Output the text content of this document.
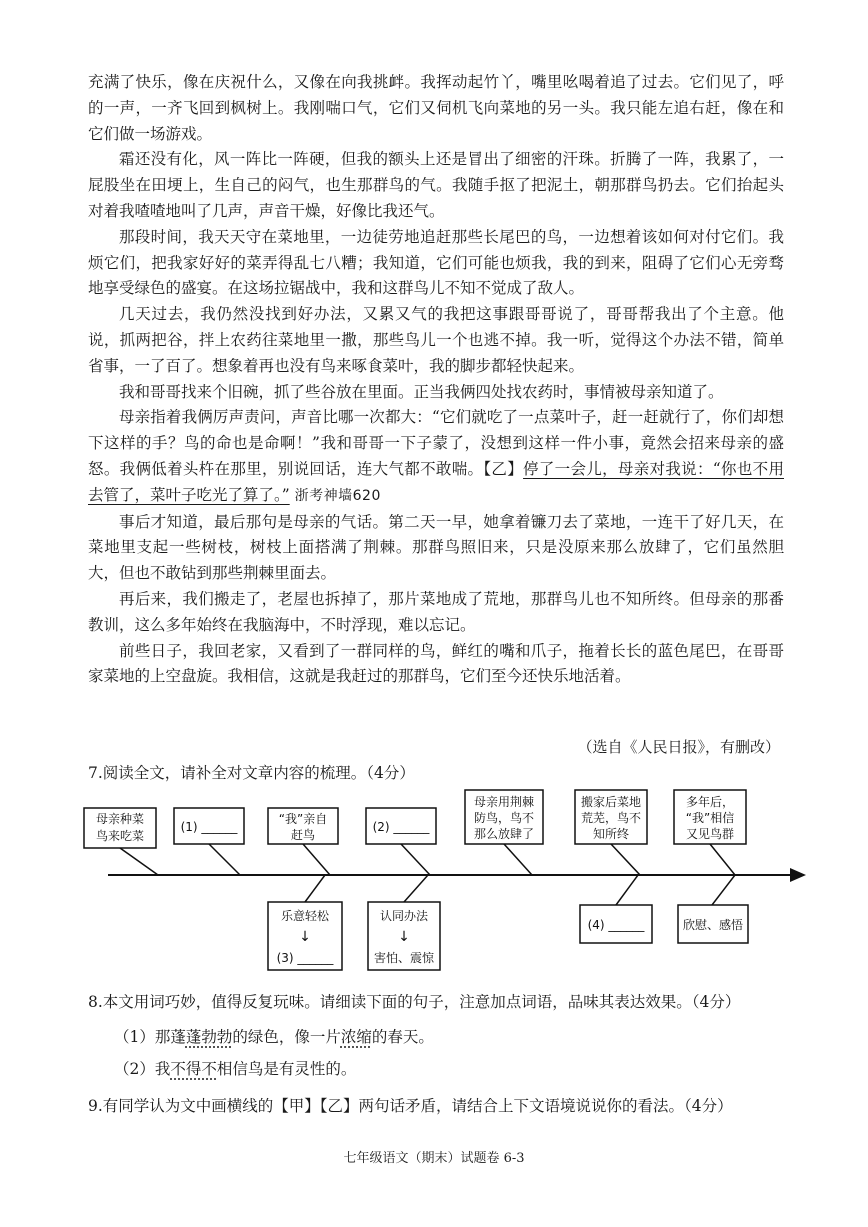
充满了快乐，像在庆祝什么，又像在向我挑衅。我挥动起竹丫，嘴里吆喝着追了过去。它们见了，呼的一声，一齐飞回到枫树上。我刚喘口气，它们又伺机飞向菜地的另一头。我只能左追右赶，像在和它们做一场游戏。

霜还没有化，风一阵比一阵硬，但我的额头上还是冒出了细密的汗珠。折腾了一阵，我累了，一屁股坐在田埂上，生自己的闷气，也生那群鸟的气。我随手抠了把泥土，朝那群鸟扔去。它们抬起头对着我喳喳地叫了几声，声音干燥，好像比我还气。

那段时间，我天天守在菜地里，一边徒劳地追赶那些长尾巴的鸟，一边想着该如何对付它们。我烦它们，把我家好好的菜弄得乱七八糟；我知道，它们可能也烦我，我的到来，阻碍了它们心无旁骛地享受绿色的盛宴。在这场拉锯战中，我和这群鸟儿不知不觉成了敌人。

几天过去，我仍然没找到好办法，又累又气的我把这事跟哥哥说了，哥哥帮我出了个主意。他说，抓两把谷，拌上农药往菜地里一撒，那些鸟儿一个也逃不掉。我一听，觉得这个办法不错，简单省事，一了百了。想象着再也没有鸟来啄食菜叶，我的脚步都轻快起来。

我和哥哥找来个旧碗，抓了些谷放在里面。正当我俩四处找农药时，事情被母亲知道了。

母亲指着我俩厉声责问，声音比哪一次都大：“它们就吃了一点菜叶子，赶一赶就行了，你们却想下这样的手？鸟的命也是命啊！”我和哥哥一下子蒙了，没想到这样一件小事，竟然会招来母亲的盛怒。我俩低着头杵在那里，别说回话，连大气都不敢喘。【乙】停了一会儿，母亲对我说：“你也不用去管了，菜叶子吃光了算了。” 浙考神墙620

事后才知道，最后那句是母亲的气话。第二天一早，她拿着镰刀去了菜地，一连干了好几天，在菜地里支起一些树枝，树枝上面搭满了荆棘。那群鸟照旧来，只是没原来那么放肆了，它们虽然胆大，但也不敢钻到那些荆棘里面去。

再后来，我们搬走了，老屋也拆掉了，那片菜地成了荒地，那群鸟儿也不知所终。但母亲的那番教训，这么多年始终在我脑海中，不时浮现，难以忘记。

前些日子，我回老家，又看到了一群同样的鸟，鲜红的嘴和爪子，拖着长长的蓝色尾巴，在哥哥家菜地的上空盘旋。我相信，这就是我赶过的那群鸟，它们至今还快乐地活着。

（选自《人民日报》，有删改）
7.阅读全文，请补全对文章内容的梳理。（4分）
母亲种菜
鸟来吃菜
(1) ______
“我”亲自
赶鸟
(2) ______
母亲用荆棘
防鸟，鸟不
那么放肆了
搬家后菜地
荒芜，鸟不
知所终
多年后，
“我”相信
又见鸟群
乐意轻松
↓
(3) ______
认同办法
↓
害怕、震惊
(4) ______	欣慰、感悟
8.本文用词巧妙，值得反复玩味。请细读下面的句子，注意加点词语，品味其表达效果。（4分）
（1）那蓬蓬勃勃的绿色，像一片浓缩的春天。
（2）我不得不相信鸟是有灵性的。
9.有同学认为文中画横线的【甲】【乙】两句话矛盾，请结合上下文语境说说你的看法。（4分）
七年级语文（期末）试题卷 6-3
